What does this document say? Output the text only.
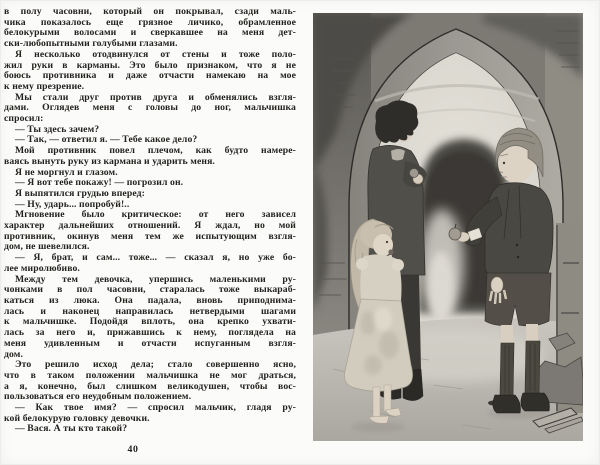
в полу часовни, который он покрывал, сзади маль-
чика показалось еще грязное личико, обрамленное
белокурыми волосами и сверкавшее на меня дет-
ски-любопытными голубыми глазами.
Я несколько отодвинулся от стены и тоже поло-
жил руки в карманы. Это было признаком, что я не
боюсь противника и даже отчасти намекаю на мое
к нему презрение.
Мы стали друг против друга и обменялись взгля-
дами. Оглядев меня с головы до ног, мальчишка
спросил:
— Ты здесь зачем?
— Так, — ответил я. — Тебе какое дело?
Мой противник повел плечом, как будто намере-
ваясь вынуть руку из кармана и ударить меня.
Я не моргнул и глазом.
— Я вот тебе покажу! — погрозил он.
Я выпятился грудью вперед:
— Ну, ударь... попробуй!..
Мгновение было критическое: от него зависел
характер дальнейших отношений. Я ждал, но мой
противник, окинув меня тем же испытующим взгля-
дом, не шевелился.
— Я, брат, и сам... тоже... — сказал я, но уже бо-
лее миролюбиво.
Между тем девочка, упершись маленькими ру-
чонками в пол часовни, старалась тоже выкараб-
каться из люка. Она падала, вновь приподнима-
лась и наконец направилась нетвердыми шагами
к мальчишке. Подойдя вплоть, она крепко ухвати-
лась за него и, прижавшись к нему, поглядела на
меня удивленным и отчасти испуганным взгля-
дом.
Это решило исход дела; стало совершенно ясно,
что в таком положении мальчишка не мог драться,
а я, конечно, был слишком великодушен, чтобы вос-
пользоваться его неудобным положением.
— Как твое имя? — спросил мальчик, гладя ру-
кой белокурую головку девочки.
— Вася. А ты кто такой?
40
